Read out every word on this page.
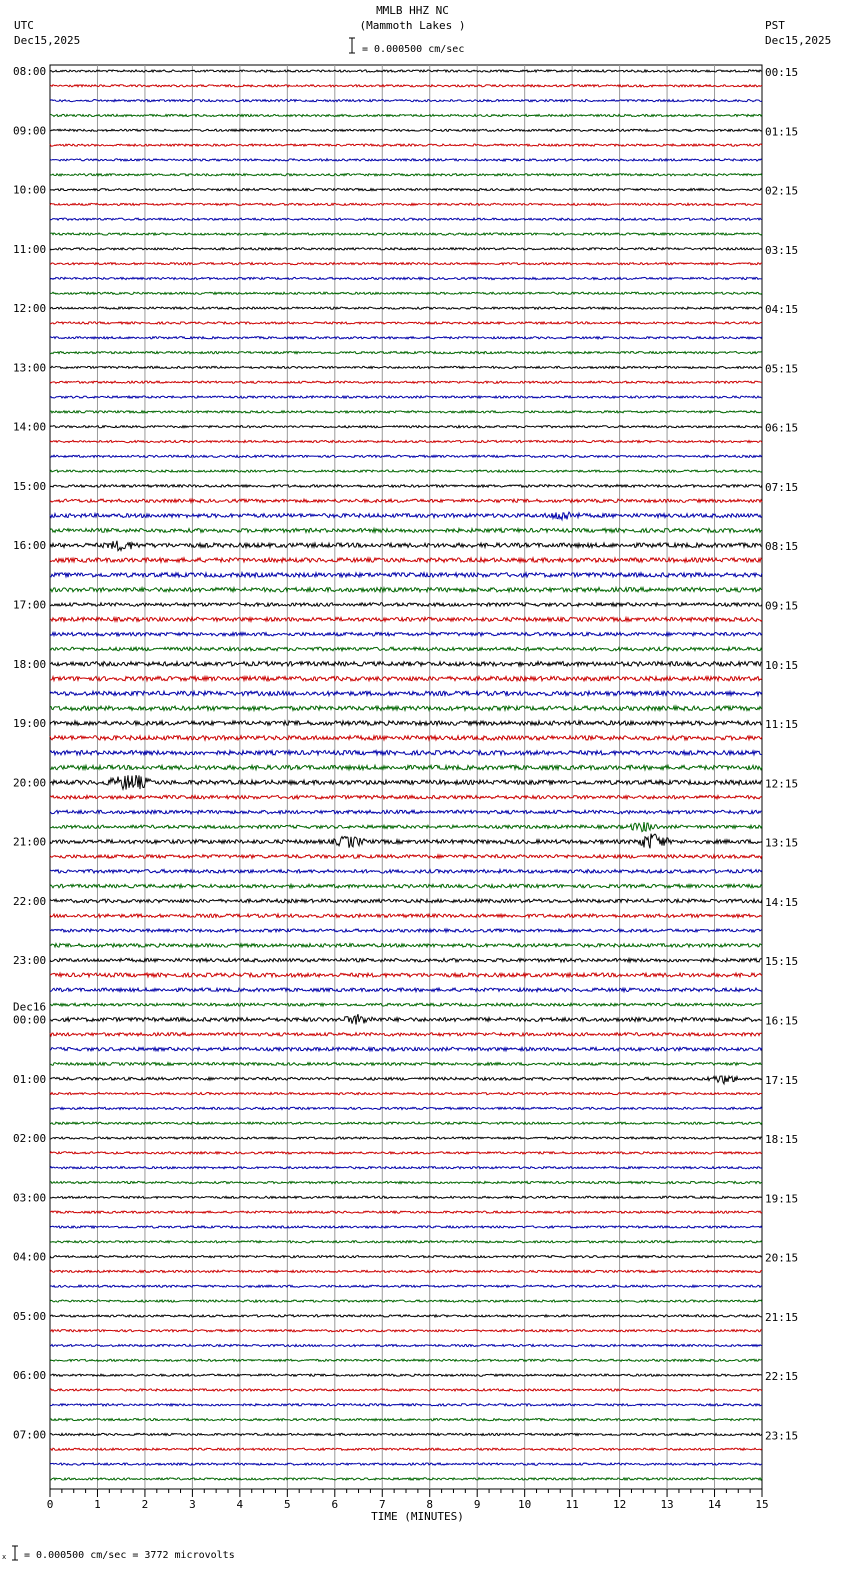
MMLB HHZ NC
(Mammoth Lakes )
UTC
Dec15,2025
PST
Dec15,2025
= 0.000500 cm/sec
08:00
09:00
10:00
11:00
12:00
13:00
14:00
15:00
16:00
17:00
18:00
19:00
20:00
21:00
22:00
23:00
00:00
Dec16
01:00
02:00
03:00
04:00
05:00
06:00
07:00
00:15
01:15
02:15
03:15
04:15
05:15
06:15
07:15
08:15
09:15
10:15
11:15
12:15
13:15
14:15
15:15
16:15
17:15
18:15
19:15
20:15
21:15
22:15
23:15
0	1	2	3	4	5	6	7	8	9	10	11	12	13	14	15
x = 0.000500 cm/sec = 3772 microvolts
TIME (MINUTES)
